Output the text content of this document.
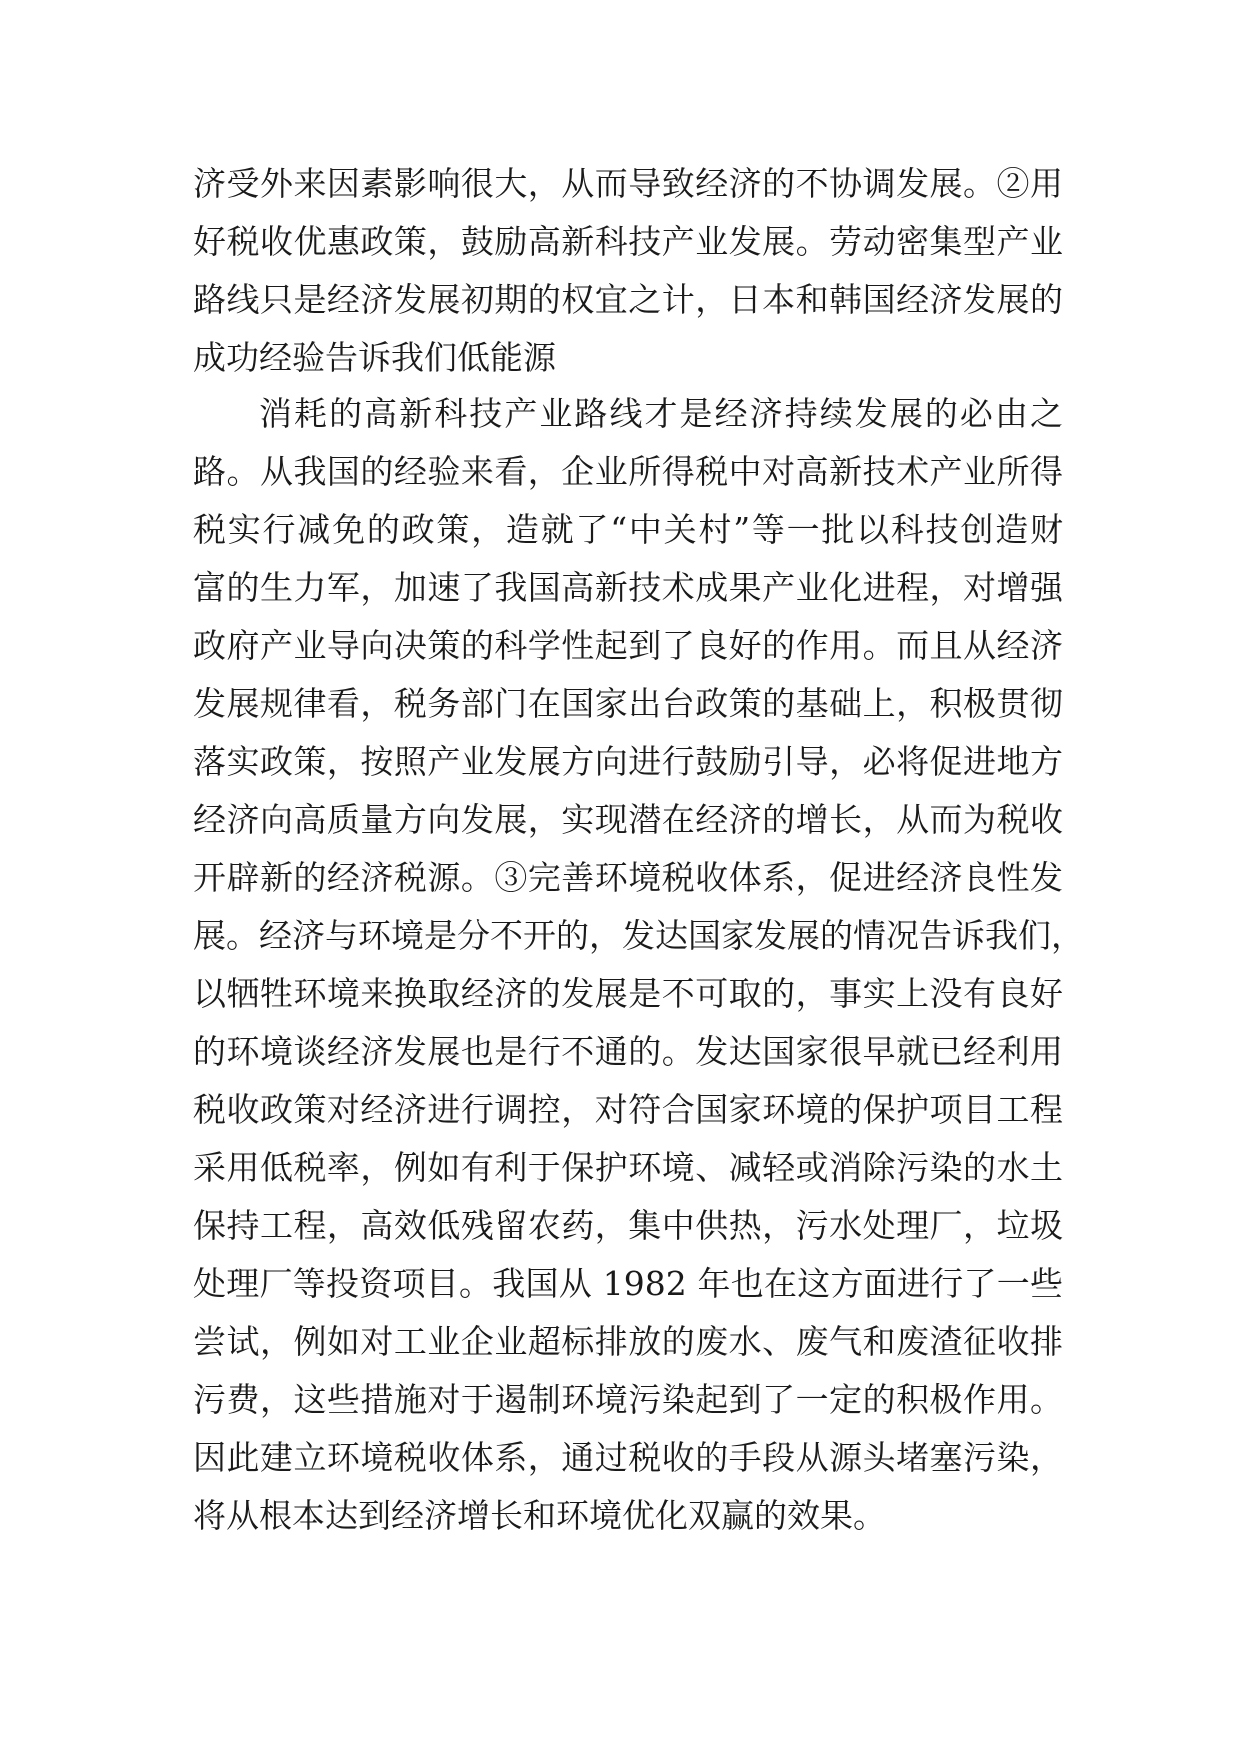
济受外来因素影响很大，从而导致经济的不协调发展。②用
好税收优惠政策，鼓励高新科技产业发展。劳动密集型产业
路线只是经济发展初期的权宜之计，日本和韩国经济发展的
成功经验告诉我们低能源
消耗的高新科技产业路线才是经济持续发展的必由之
路。从我国的经验来看，企业所得税中对高新技术产业所得
税实行减免的政策，造就了“中关村”等一批以科技创造财
富的生力军，加速了我国高新技术成果产业化进程，对增强
政府产业导向决策的科学性起到了良好的作用。而且从经济
发展规律看，税务部门在国家出台政策的基础上，积极贯彻
落实政策，按照产业发展方向进行鼓励引导，必将促进地方
经济向高质量方向发展，实现潜在经济的增长，从而为税收
开辟新的经济税源。③完善环境税收体系，促进经济良性发
展。经济与环境是分不开的，发达国家发展的情况告诉我们，
以牺牲环境来换取经济的发展是不可取的，事实上没有良好
的环境谈经济发展也是行不通的。发达国家很早就已经利用
税收政策对经济进行调控，对符合国家环境的保护项目工程
采用低税率，例如有利于保护环境、减轻或消除污染的水土
保持工程，高效低残留农药，集中供热，污水处理厂，垃圾
处理厂等投资项目。我国从 1982 年也在这方面进行了一些
尝试，例如对工业企业超标排放的废水、废气和废渣征收排
污费，这些措施对于遏制环境污染起到了一定的积极作用。
因此建立环境税收体系，通过税收的手段从源头堵塞污染，
将从根本达到经济增长和环境优化双赢的效果。
